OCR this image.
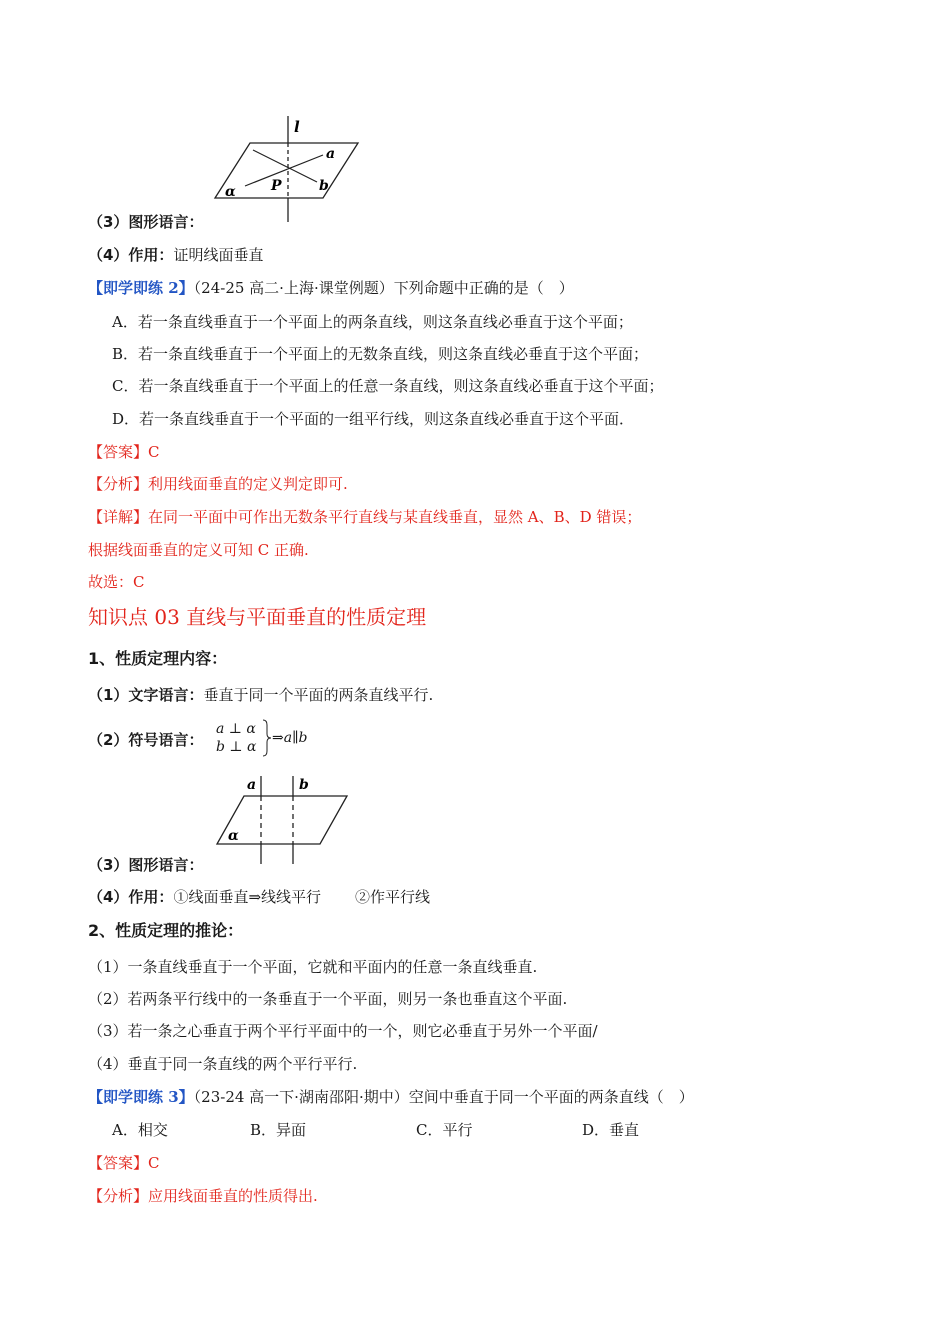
l
a
P	b
α
（3）图形语言：
（4）作用：证明线面垂直
【即学即练 2】（24-25 高二·上海·课堂例题）下列命题中正确的是（　）
A．若一条直线垂直于一个平面上的两条直线，则这条直线必垂直于这个平面；
B．若一条直线垂直于一个平面上的无数条直线，则这条直线必垂直于这个平面；
C．若一条直线垂直于一个平面上的任意一条直线，则这条直线必垂直于这个平面；
D．若一条直线垂直于一个平面的一组平行线，则这条直线必垂直于这个平面．
【答案】C
【分析】利用线面垂直的定义判定即可.
【详解】在同一平面中可作出无数条平行直线与某直线垂直，显然 A、B、D 错误；
根据线面垂直的定义可知 C 正确.
故选：C
知识点 03 直线与平面垂直的性质定理
1、性质定理内容：
（1）文字语言：垂直于同一个平面的两条直线平行.
（2）符号语言：
a ⊥ α
b ⊥ α
⇒a∥b
a	b
α
（3）图形语言：
（4）作用：①线面垂直⇒线线平行 ②作平行线
2、性质定理的推论：
（1）一条直线垂直于一个平面，它就和平面内的任意一条直线垂直.
（2）若两条平行线中的一条垂直于一个平面，则另一条也垂直这个平面.
（3）若一条之心垂直于两个平行平面中的一个，则它必垂直于另外一个平面/
（4）垂直于同一条直线的两个平行平行.
【即学即练 3】（23-24 高一下·湖南邵阳·期中）空间中垂直于同一个平面的两条直线（　）
A．相交	B．异面	C．平行	D．垂直
【答案】C
【分析】应用线面垂直的性质得出.
